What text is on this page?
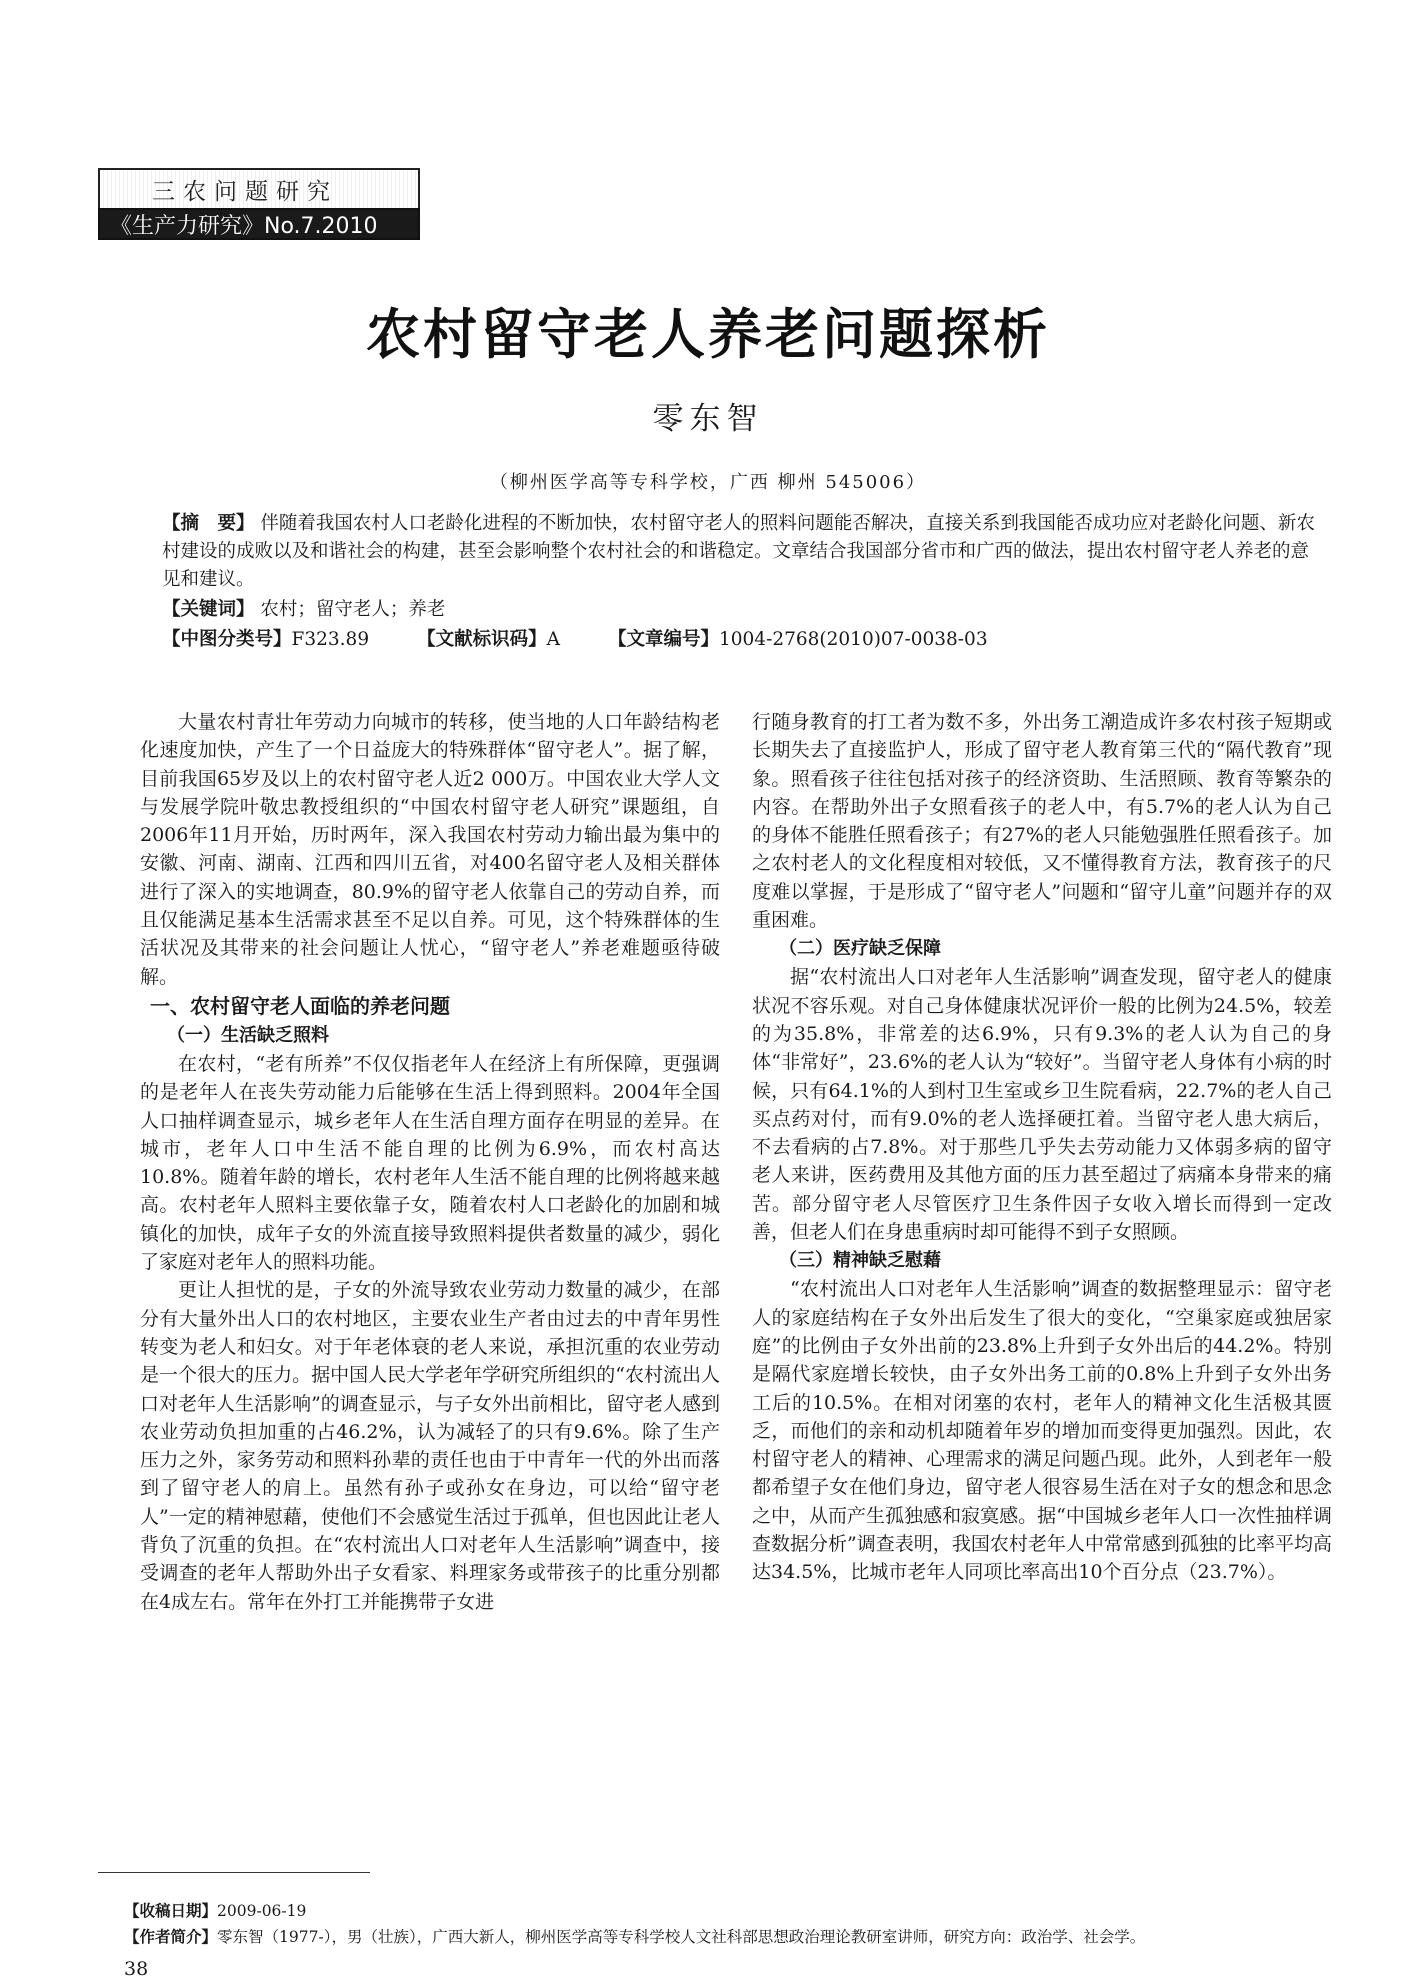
三农问题研究
《生产力研究》No.7.2010
农村留守老人养老问题探析
零东智
（柳州医学高等专科学校，广西 柳州 545006）
【摘　要】 伴随着我国农村人口老龄化进程的不断加快，农村留守老人的照料问题能否解决，直接关系到我国能否成功应对老龄化问题、新农村建设的成败以及和谐社会的构建，甚至会影响整个农村社会的和谐稳定。文章结合我国部分省市和广西的做法，提出农村留守老人养老的意见和建议。
【关键词】 农村；留守老人；养老
【中图分类号】F323.89	【文献标识码】A	【文章编号】1004-2768(2010)07-0038-03

大量农村青壮年劳动力向城市的转移，使当地的人口年龄结构老化速度加快，产生了一个日益庞大的特殊群体“留守老人”。据了解，目前我国65岁及以上的农村留守老人近2 000万。中国农业大学人文与发展学院叶敬忠教授组织的“中国农村留守老人研究”课题组，自2006年11月开始，历时两年，深入我国农村劳动力输出最为集中的安徽、河南、湖南、江西和四川五省，对400名留守老人及相关群体进行了深入的实地调查，80.9%的留守老人依靠自己的劳动自养，而且仅能满足基本生活需求甚至不足以自养。可见，这个特殊群体的生活状况及其带来的社会问题让人忧心，“留守老人”养老难题亟待破解。

一、农村留守老人面临的养老问题
（一）生活缺乏照料

在农村，“老有所养”不仅仅指老年人在经济上有所保障，更强调的是老年人在丧失劳动能力后能够在生活上得到照料。2004年全国人口抽样调查显示，城乡老年人在生活自理方面存在明显的差异。在城市，老年人口中生活不能自理的比例为6.9%，而农村高达10.8%。随着年龄的增长，农村老年人生活不能自理的比例将越来越高。农村老年人照料主要依靠子女，随着农村人口老龄化的加剧和城镇化的加快，成年子女的外流直接导致照料提供者数量的减少，弱化了家庭对老年人的照料功能。

更让人担忧的是，子女的外流导致农业劳动力数量的减少，在部分有大量外出人口的农村地区，主要农业生产者由过去的中青年男性转变为老人和妇女。对于年老体衰的老人来说，承担沉重的农业劳动是一个很大的压力。据中国人民大学老年学研究所组织的“农村流出人口对老年人生活影响”的调查显示，与子女外出前相比，留守老人感到农业劳动负担加重的占46.2%，认为减轻了的只有9.6%。除了生产压力之外，家务劳动和照料孙辈的责任也由于中青年一代的外出而落到了留守老人的肩上。虽然有孙子或孙女在身边，可以给“留守老人”一定的精神慰藉，使他们不会感觉生活过于孤单，但也因此让老人背负了沉重的负担。在“农村流出人口对老年人生活影响”调查中，接受调查的老年人帮助外出子女看家、料理家务或带孩子的比重分别都在4成左右。常年在外打工并能携带子女进

行随身教育的打工者为数不多，外出务工潮造成许多农村孩子短期或长期失去了直接监护人，形成了留守老人教育第三代的“隔代教育”现象。照看孩子往往包括对孩子的经济资助、生活照顾、教育等繁杂的内容。在帮助外出子女照看孩子的老人中，有5.7%的老人认为自己的身体不能胜任照看孩子；有27%的老人只能勉强胜任照看孩子。加之农村老人的文化程度相对较低，又不懂得教育方法，教育孩子的尺度难以掌握，于是形成了“留守老人”问题和“留守儿童”问题并存的双重困难。

（二）医疗缺乏保障

据“农村流出人口对老年人生活影响”调查发现，留守老人的健康状况不容乐观。对自己身体健康状况评价一般的比例为24.5%，较差的为35.8%，非常差的达6.9%，只有9.3%的老人认为自己的身体“非常好”，23.6%的老人认为“较好”。当留守老人身体有小病的时候，只有64.1%的人到村卫生室或乡卫生院看病，22.7%的老人自己买点药对付，而有9.0%的老人选择硬扛着。当留守老人患大病后，不去看病的占7.8%。对于那些几乎失去劳动能力又体弱多病的留守老人来讲，医药费用及其他方面的压力甚至超过了病痛本身带来的痛苦。部分留守老人尽管医疗卫生条件因子女收入增长而得到一定改善，但老人们在身患重病时却可能得不到子女照顾。

（三）精神缺乏慰藉

“农村流出人口对老年人生活影响”调查的数据整理显示：留守老人的家庭结构在子女外出后发生了很大的变化，“空巢家庭或独居家庭”的比例由子女外出前的23.8%上升到子女外出后的44.2%。特别是隔代家庭增长较快，由子女外出务工前的0.8%上升到子女外出务工后的10.5%。在相对闭塞的农村，老年人的精神文化生活极其匮乏，而他们的亲和动机却随着年岁的增加而变得更加强烈。因此，农村留守老人的精神、心理需求的满足问题凸现。此外，人到老年一般都希望子女在他们身边，留守老人很容易生活在对子女的想念和思念之中，从而产生孤独感和寂寞感。据“中国城乡老年人口一次性抽样调查数据分析”调查表明，我国农村老年人中常常感到孤独的比率平均高达34.5%，比城市老年人同项比率高出10个百分点（23.7%）。

【收稿日期】2009-06-19
【作者简介】零东智（1977-），男（壮族），广西大新人，柳州医学高等专科学校人文社科部思想政治理论教研室讲师，研究方向：政治学、社会学。
38
